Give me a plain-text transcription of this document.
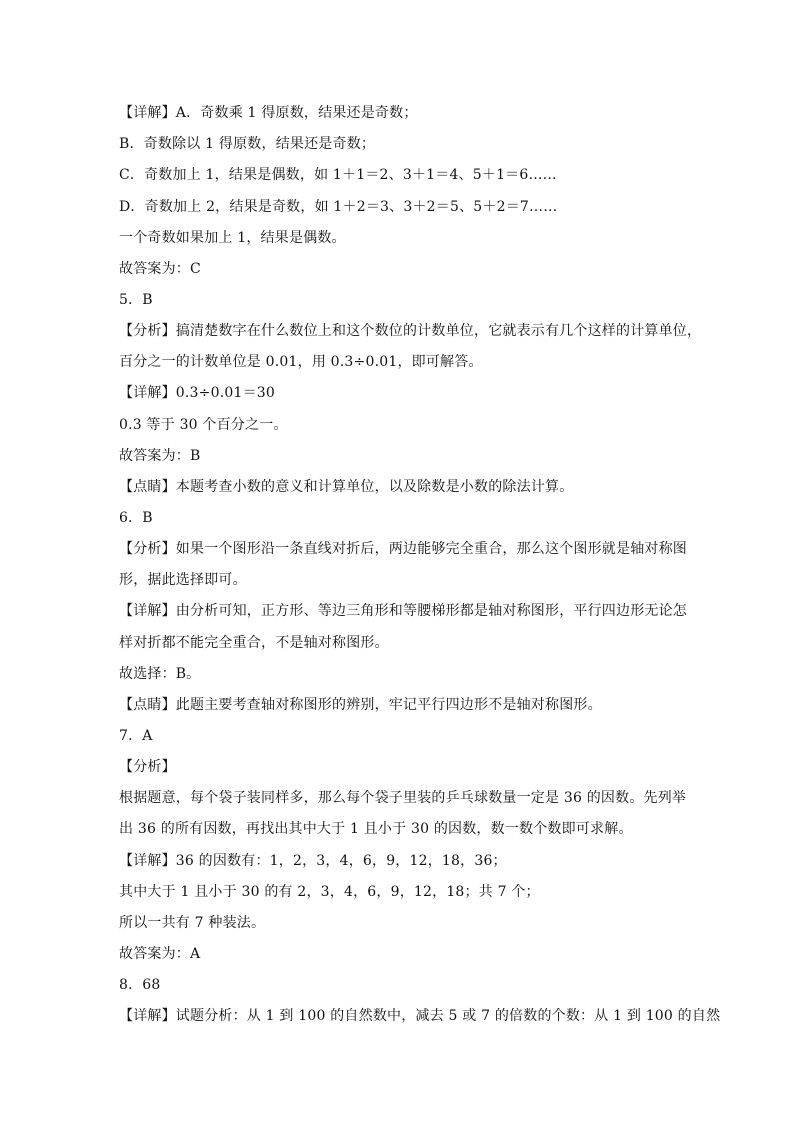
【详解】A．奇数乘 1 得原数，结果还是奇数；
B．奇数除以 1 得原数，结果还是奇数；
C．奇数加上 1，结果是偶数，如 1＋1＝2、3＋1＝4、5＋1＝6……
D．奇数加上 2，结果是奇数，如 1＋2＝3、3＋2＝5、5＋2＝7……
一个奇数如果加上 1，结果是偶数。
故答案为：C
5．B
【分析】搞清楚数字在什么数位上和这个数位的计数单位，它就表示有几个这样的计算单位，
百分之一的计数单位是 0.01，用 0.3÷0.01，即可解答。
【详解】0.3÷0.01＝30
0.3 等于 30 个百分之一。
故答案为：B
【点睛】本题考查小数的意义和计算单位，以及除数是小数的除法计算。
6．B
【分析】如果一个图形沿一条直线对折后，两边能够完全重合，那么这个图形就是轴对称图
形，据此选择即可。
【详解】由分析可知，正方形、等边三角形和等腰梯形都是轴对称图形，平行四边形无论怎
样对折都不能完全重合，不是轴对称图形。
故选择：B。
【点睛】此题主要考查轴对称图形的辨别，牢记平行四边形不是轴对称图形。
7．A
【分析】
根据题意，每个袋子装同样多，那么每个袋子里装的乒乓球数量一定是 36 的因数。先列举
出 36 的所有因数，再找出其中大于 1 且小于 30 的因数，数一数个数即可求解。
【详解】36 的因数有：1，2，3，4，6，9，12，18，36；
其中大于 1 且小于 30 的有 2，3，4，6，9，12，18；共 7 个；
所以一共有 7 种装法。
故答案为：A
8．68
【详解】试题分析：从 1 到 100 的自然数中，减去 5 或 7 的倍数的个数：从 1 到 100 的自然
